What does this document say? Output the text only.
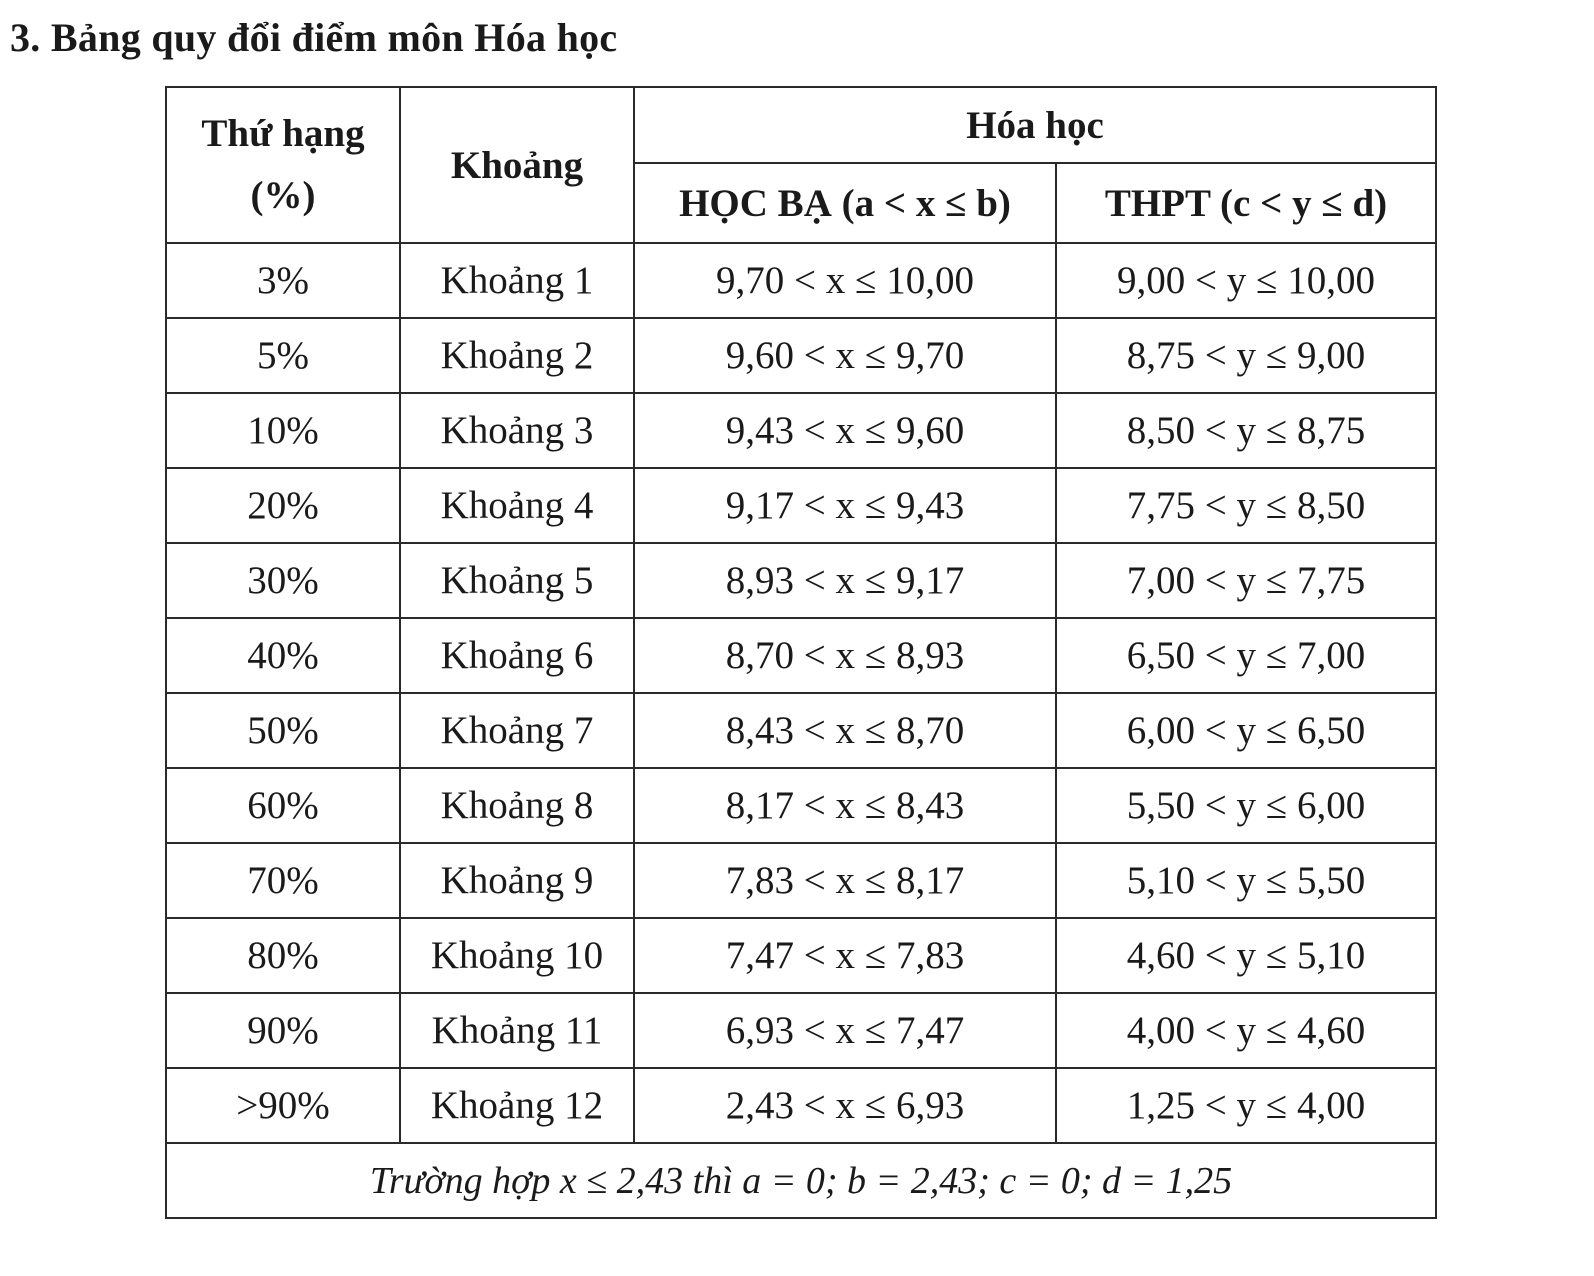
3. Bảng quy đổi điểm môn Hóa học
Thứ hạng
(%)	Khoảng	Hóa học	
		HỌC BẠ (a < x ≤ b)	THPT (c < y ≤ d)
3%	Khoảng 1	9,70 < x ≤ 10,00	9,00 < y ≤ 10,00
5%	Khoảng 2	9,60 < x ≤ 9,70	8,75 < y ≤ 9,00
10%	Khoảng 3	9,43 < x ≤ 9,60	8,50 < y ≤ 8,75
20%	Khoảng 4	9,17 < x ≤ 9,43	7,75 < y ≤ 8,50
30%	Khoảng 5	8,93 < x ≤ 9,17	7,00 < y ≤ 7,75
40%	Khoảng 6	8,70 < x ≤ 8,93	6,50 < y ≤ 7,00
50%	Khoảng 7	8,43 < x ≤ 8,70	6,00 < y ≤ 6,50
60%	Khoảng 8	8,17 < x ≤ 8,43	5,50 < y ≤ 6,00
70%	Khoảng 9	7,83 < x ≤ 8,17	5,10 < y ≤ 5,50
80%	Khoảng 10	7,47 < x ≤ 7,83	4,60 < y ≤ 5,10
90%	Khoảng 11	6,93 < x ≤ 7,47	4,00 < y ≤ 4,60
>90%	Khoảng 12	2,43 < x ≤ 6,93	1,25 < y ≤ 4,00
Trường hợp x ≤ 2,43 thì a = 0; b = 2,43; c = 0; d = 1,25			
